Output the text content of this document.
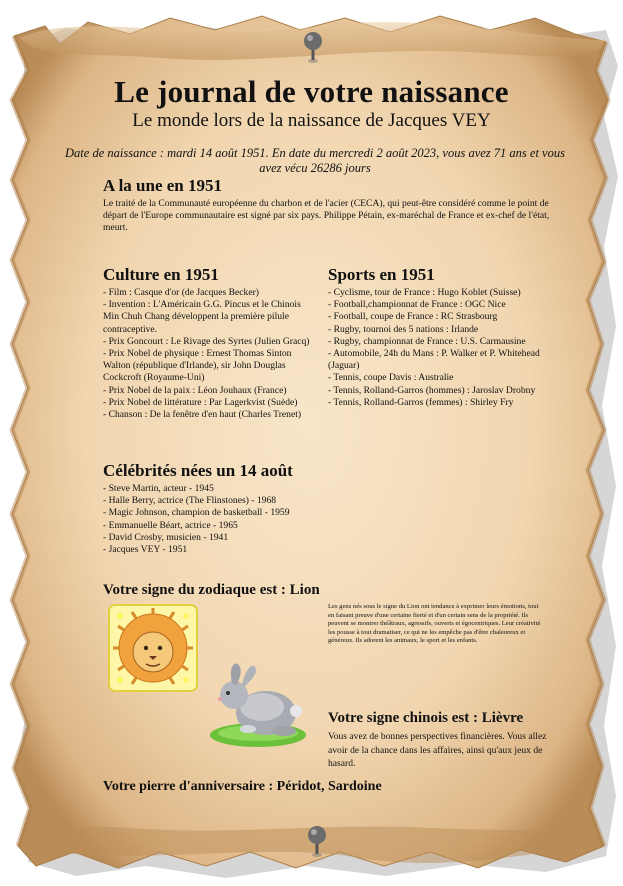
Le journal de votre naissance
Le monde lors de la naissance de Jacques VEY
Date de naissance : mardi 14 août 1951. En date du mercredi 2 août 2023, vous avez 71 ans et vous avez vécu 26286 jours
A la une en 1951
Le traité de la Communauté européenne du charbon et de l'acier (CECA), qui peut-être considéré comme le point de départ de l'Europe communautaire est signé par six pays. Philippe Pétain, ex-maréchal de France et ex-chef de l'état, meurt.
Culture en 1951
- Film : Casque d'or (de Jacques Becker)
- Invention : L'Américain G.G. Pincus et le Chinois Min Chuh Chang développent la première pilule contraceptive.
- Prix Goncourt : Le Rivage des Syrtes (Julien Gracq)
- Prix Nobel de physique : Ernest Thomas Sinton Walton (république d'Irlande), sir John Douglas Cockcroft (Royaume-Uni)
- Prix Nobel de la paix : Léon Jouhaux (France)
- Prix Nobel de littérature : Par Lagerkvist (Suède)
- Chanson : De la fenêtre d'en haut (Charles Trenet)
Sports en 1951
- Cyclisme, tour de France : Hugo Koblet (Suisse)
- Football,championnat de France : OGC Nice
- Football, coupe de France : RC Strasbourg
- Rugby, tournoi des 5 nations : Irlande
- Rugby, championnat de France : U.S. Carmausine
- Automobile, 24h du Mans : P. Walker et P. Whitehead (Jaguar)
- Tennis, coupe Davis : Australie
- Tennis, Rolland-Garros (hommes) : Jaroslav Drobny
- Tennis, Rolland-Garros (femmes) : Shirley Fry
Célébrités nées un 14 août
- Steve Martin, acteur - 1945
- Halle Berry, actrice (The Flinstones) - 1968
- Magic Johnson, champion de basketball - 1959
- Emmanuelle Béart, actrice - 1965
- David Crosby, musicien - 1941
- Jacques VEY - 1951
Votre signe du zodiaque est : Lion
Les gens nés sous le signe du Lion ont tendance à exprimer leurs émotions, tout en faisant preuve d'une certaine fierté et d'un certain sens de la propriété. Ils peuvent se montrer théâtraux, agressifs, ouverts et égocentriques. Leur créativité les pousse à tout dramatiser, ce qui ne les empêche pas d'être chaleureux et généreux. Ils adorent les animaux, le sport et les enfants.
Votre signe chinois est : Lièvre
Vous avez de bonnes perspectives financières. Vous allez avoir de la chance dans les affaires, ainsi qu'aux jeux de hasard.
Votre pierre d'anniversaire : Péridot, Sardoine
